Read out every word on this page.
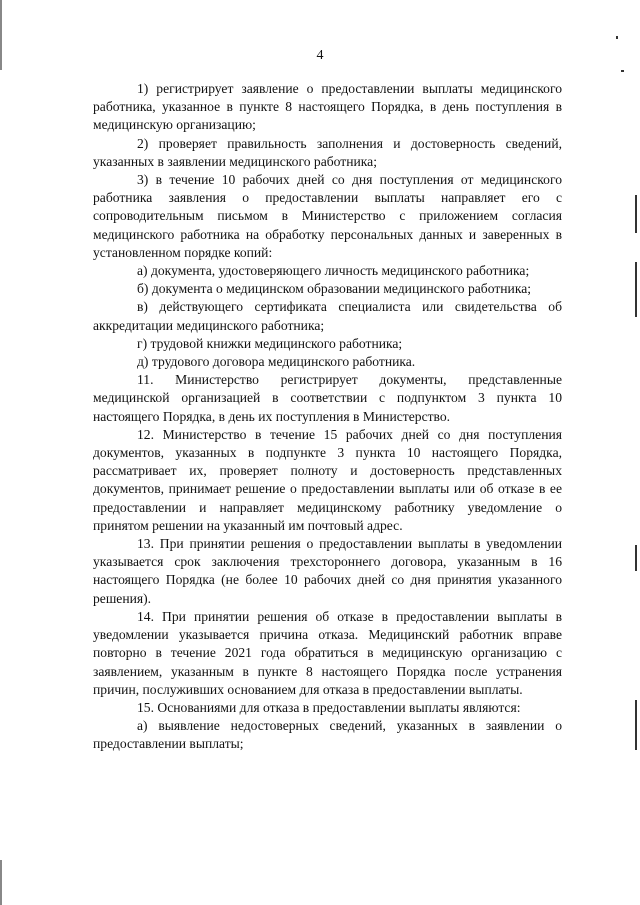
4

1) регистрирует заявление о предоставлении выплаты медицинского работника, указанное в пункте 8 настоящего Порядка, в день поступления в медицинскую организацию;

2) проверяет правильность заполнения и достоверность сведений, указанных в заявлении медицинского работника;

3) в течение 10 рабочих дней со дня поступления от медицинского работника заявления о предоставлении выплаты направляет его с сопроводительным письмом в Министерство с приложением согласия медицинского работника на обработку персональных данных и заверенных в установленном порядке копий:

а) документа, удостоверяющего личность медицинского работника;

б) документа о медицинском образовании медицинского работника;

в) действующего сертификата специалиста или свидетельства об аккредитации медицинского работника;

г) трудовой книжки медицинского работника;

д) трудового договора медицинского работника.

11. Министерство регистрирует документы, представленные медицинской организацией в соответствии с подпунктом 3 пункта 10 настоящего Порядка, в день их поступления в Министерство.

12. Министерство в течение 15 рабочих дней со дня поступления документов, указанных в подпункте 3 пункта 10 настоящего Порядка, рассматривает их, проверяет полноту и достоверность представленных документов, принимает решение о предоставлении выплаты или об отказе в ее предоставлении и направляет медицинскому работнику уведомление о принятом решении на указанный им почтовый адрес.

13. При принятии решения о предоставлении выплаты в уведомлении указывается срок заключения трехстороннего договора, указанным в 16 настоящего Порядка (не более 10 рабочих дней со дня принятия указанного решения).

14. При принятии решения об отказе в предоставлении выплаты в уведомлении указывается причина отказа. Медицинский работник вправе повторно в течение 2021 года обратиться в медицинскую организацию с заявлением, указанным в пункте 8 настоящего Порядка после устранения причин, послуживших основанием для отказа в предоставлении выплаты.

15. Основаниями для отказа в предоставлении выплаты являются:

а) выявление недостоверных сведений, указанных в заявлении о предоставлении выплаты;
